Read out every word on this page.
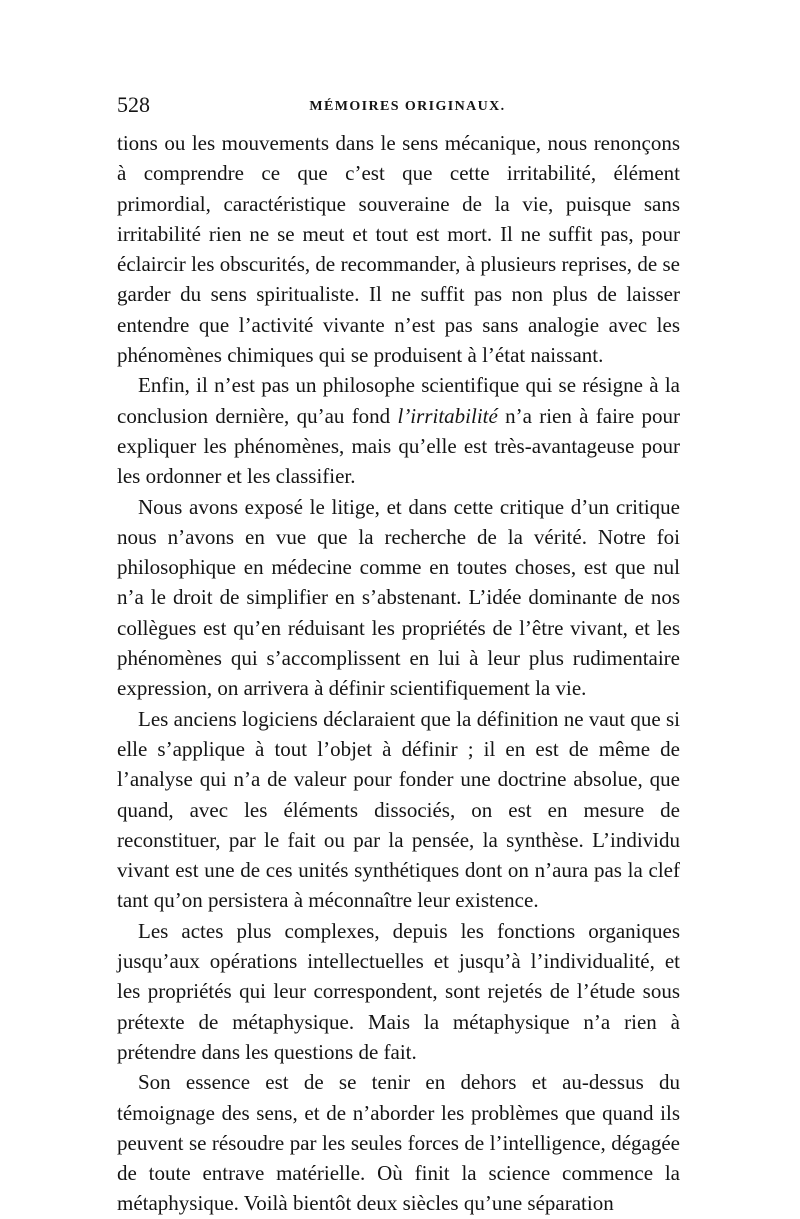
528	MÉMOIRES ORIGINAUX.

tions ou les mouvements dans le sens mécanique, nous renonçons à comprendre ce que c’est que cette irritabilité, élément primordial, caractéristique souveraine de la vie, puisque sans irritabilité rien ne se meut et tout est mort. Il ne suffit pas, pour éclaircir les obscurités, de recommander, à plusieurs reprises, de se garder du sens spiritualiste. Il ne suffit pas non plus de laisser entendre que l’activité vivante n’est pas sans analogie avec les phénomènes chimiques qui se produisent à l’état naissant.

Enfin, il n’est pas un philosophe scientifique qui se résigne à la conclusion dernière, qu’au fond l’irritabilité n’a rien à faire pour expliquer les phénomènes, mais qu’elle est très-avantageuse pour les ordonner et les classifier.

Nous avons exposé le litige, et dans cette critique d’un critique nous n’avons en vue que la recherche de la vérité. Notre foi philosophique en médecine comme en toutes choses, est que nul n’a le droit de simplifier en s’abstenant. L’idée dominante de nos collègues est qu’en réduisant les propriétés de l’être vivant, et les phénomènes qui s’accomplissent en lui à leur plus rudimentaire expression, on arrivera à définir scientifiquement la vie.

Les anciens logiciens déclaraient que la définition ne vaut que si elle s’applique à tout l’objet à définir ; il en est de même de l’analyse qui n’a de valeur pour fonder une doctrine absolue, que quand, avec les éléments dissociés, on est en mesure de reconstituer, par le fait ou par la pensée, la synthèse. L’individu vivant est une de ces unités synthétiques dont on n’aura pas la clef tant qu’on persistera à méconnaître leur existence.

Les actes plus complexes, depuis les fonctions organiques jusqu’aux opérations intellectuelles et jusqu’à l’individualité, et les propriétés qui leur correspondent, sont rejetés de l’étude sous prétexte de métaphysique. Mais la métaphysique n’a rien à prétendre dans les questions de fait.

Son essence est de se tenir en dehors et au-dessus du témoignage des sens, et de n’aborder les problèmes que quand ils peuvent se résoudre par les seules forces de l’intelligence, dégagée de toute entrave matérielle. Où finit la science commence la métaphysique. Voilà bientôt deux siècles qu’une séparation
